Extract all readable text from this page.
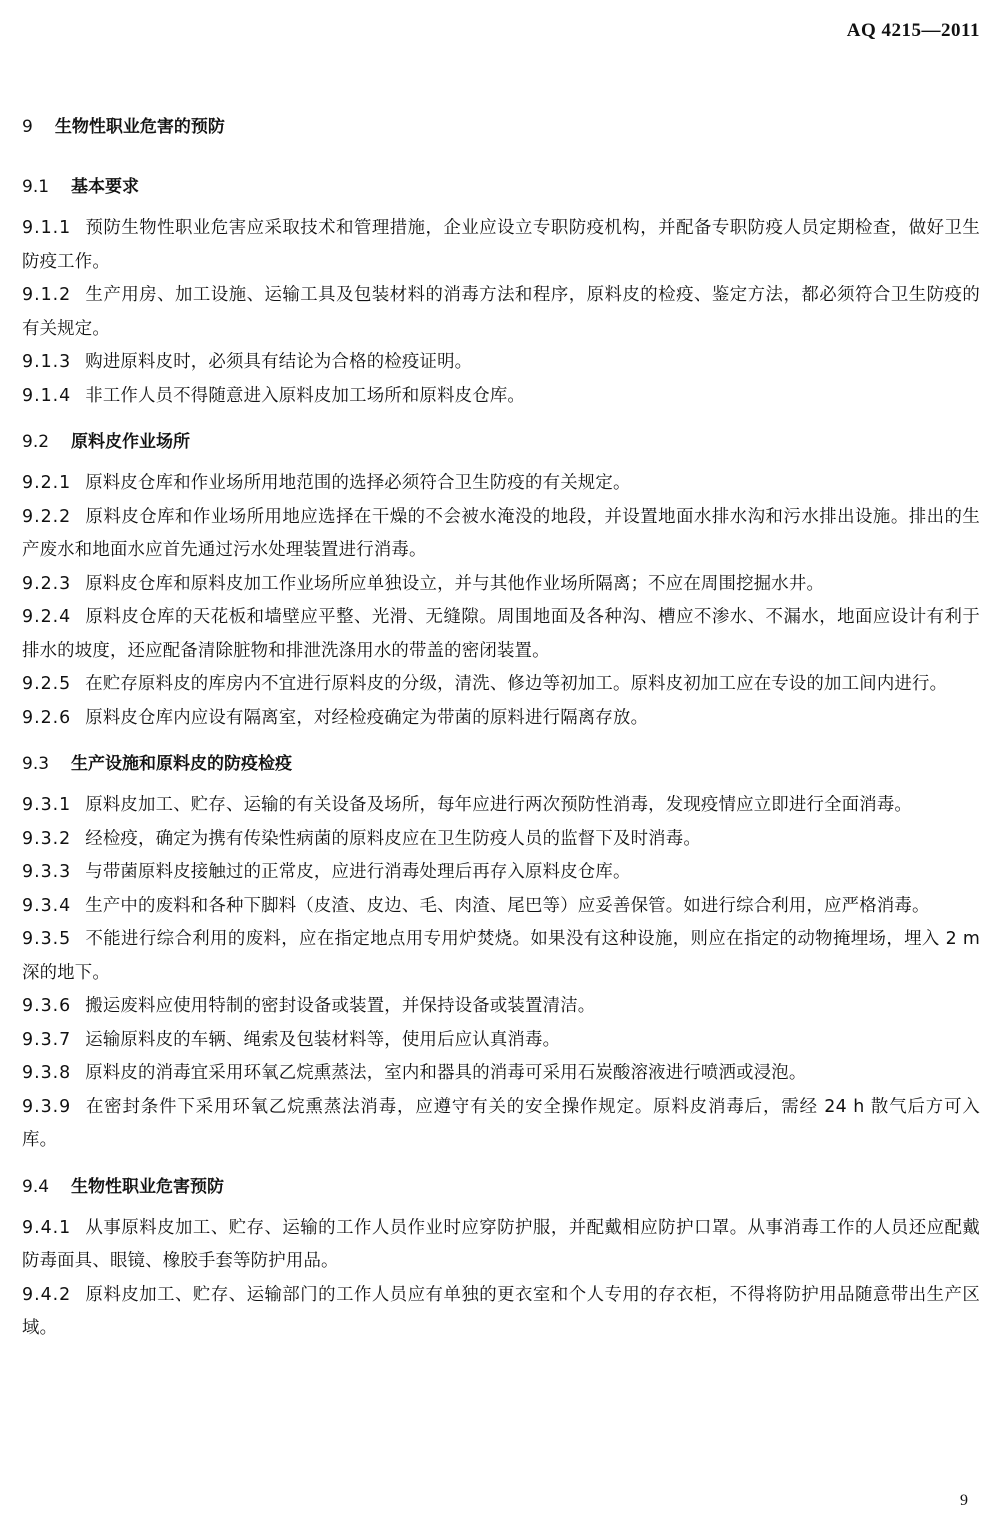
AQ 4215—2011
9 生物性职业危害的预防
9.1 基本要求
9.1.1 预防生物性职业危害应采取技术和管理措施，企业应设立专职防疫机构，并配备专职防疫人员定期检查，做好卫生防疫工作。
9.1.2 生产用房、加工设施、运输工具及包装材料的消毒方法和程序，原料皮的检疫、鉴定方法，都必须符合卫生防疫的有关规定。
9.1.3 购进原料皮时，必须具有结论为合格的检疫证明。
9.1.4 非工作人员不得随意进入原料皮加工场所和原料皮仓库。
9.2 原料皮作业场所
9.2.1 原料皮仓库和作业场所用地范围的选择必须符合卫生防疫的有关规定。
9.2.2 原料皮仓库和作业场所用地应选择在干燥的不会被水淹没的地段，并设置地面水排水沟和污水排出设施。排出的生产废水和地面水应首先通过污水处理装置进行消毒。
9.2.3 原料皮仓库和原料皮加工作业场所应单独设立，并与其他作业场所隔离；不应在周围挖掘水井。
9.2.4 原料皮仓库的天花板和墙壁应平整、光滑、无缝隙。周围地面及各种沟、槽应不渗水、不漏水，地面应设计有利于排水的坡度，还应配备清除脏物和排泄洗涤用水的带盖的密闭装置。
9.2.5 在贮存原料皮的库房内不宜进行原料皮的分级，清洗、修边等初加工。原料皮初加工应在专设的加工间内进行。
9.2.6 原料皮仓库内应设有隔离室，对经检疫确定为带菌的原料进行隔离存放。
9.3 生产设施和原料皮的防疫检疫
9.3.1 原料皮加工、贮存、运输的有关设备及场所，每年应进行两次预防性消毒，发现疫情应立即进行全面消毒。
9.3.2 经检疫，确定为携有传染性病菌的原料皮应在卫生防疫人员的监督下及时消毒。
9.3.3 与带菌原料皮接触过的正常皮，应进行消毒处理后再存入原料皮仓库。
9.3.4 生产中的废料和各种下脚料（皮渣、皮边、毛、肉渣、尾巴等）应妥善保管。如进行综合利用，应严格消毒。
9.3.5 不能进行综合利用的废料，应在指定地点用专用炉焚烧。如果没有这种设施，则应在指定的动物掩埋场，埋入 2 m 深的地下。
9.3.6 搬运废料应使用特制的密封设备或装置，并保持设备或装置清洁。
9.3.7 运输原料皮的车辆、绳索及包装材料等，使用后应认真消毒。
9.3.8 原料皮的消毒宜采用环氧乙烷熏蒸法，室内和器具的消毒可采用石炭酸溶液进行喷洒或浸泡。
9.3.9 在密封条件下采用环氧乙烷熏蒸法消毒，应遵守有关的安全操作规定。原料皮消毒后，需经 24 h 散气后方可入库。
9.4 生物性职业危害预防
9.4.1 从事原料皮加工、贮存、运输的工作人员作业时应穿防护服，并配戴相应防护口罩。从事消毒工作的人员还应配戴防毒面具、眼镜、橡胶手套等防护用品。
9.4.2 原料皮加工、贮存、运输部门的工作人员应有单独的更衣室和个人专用的存衣柜，不得将防护用品随意带出生产区域。
9
